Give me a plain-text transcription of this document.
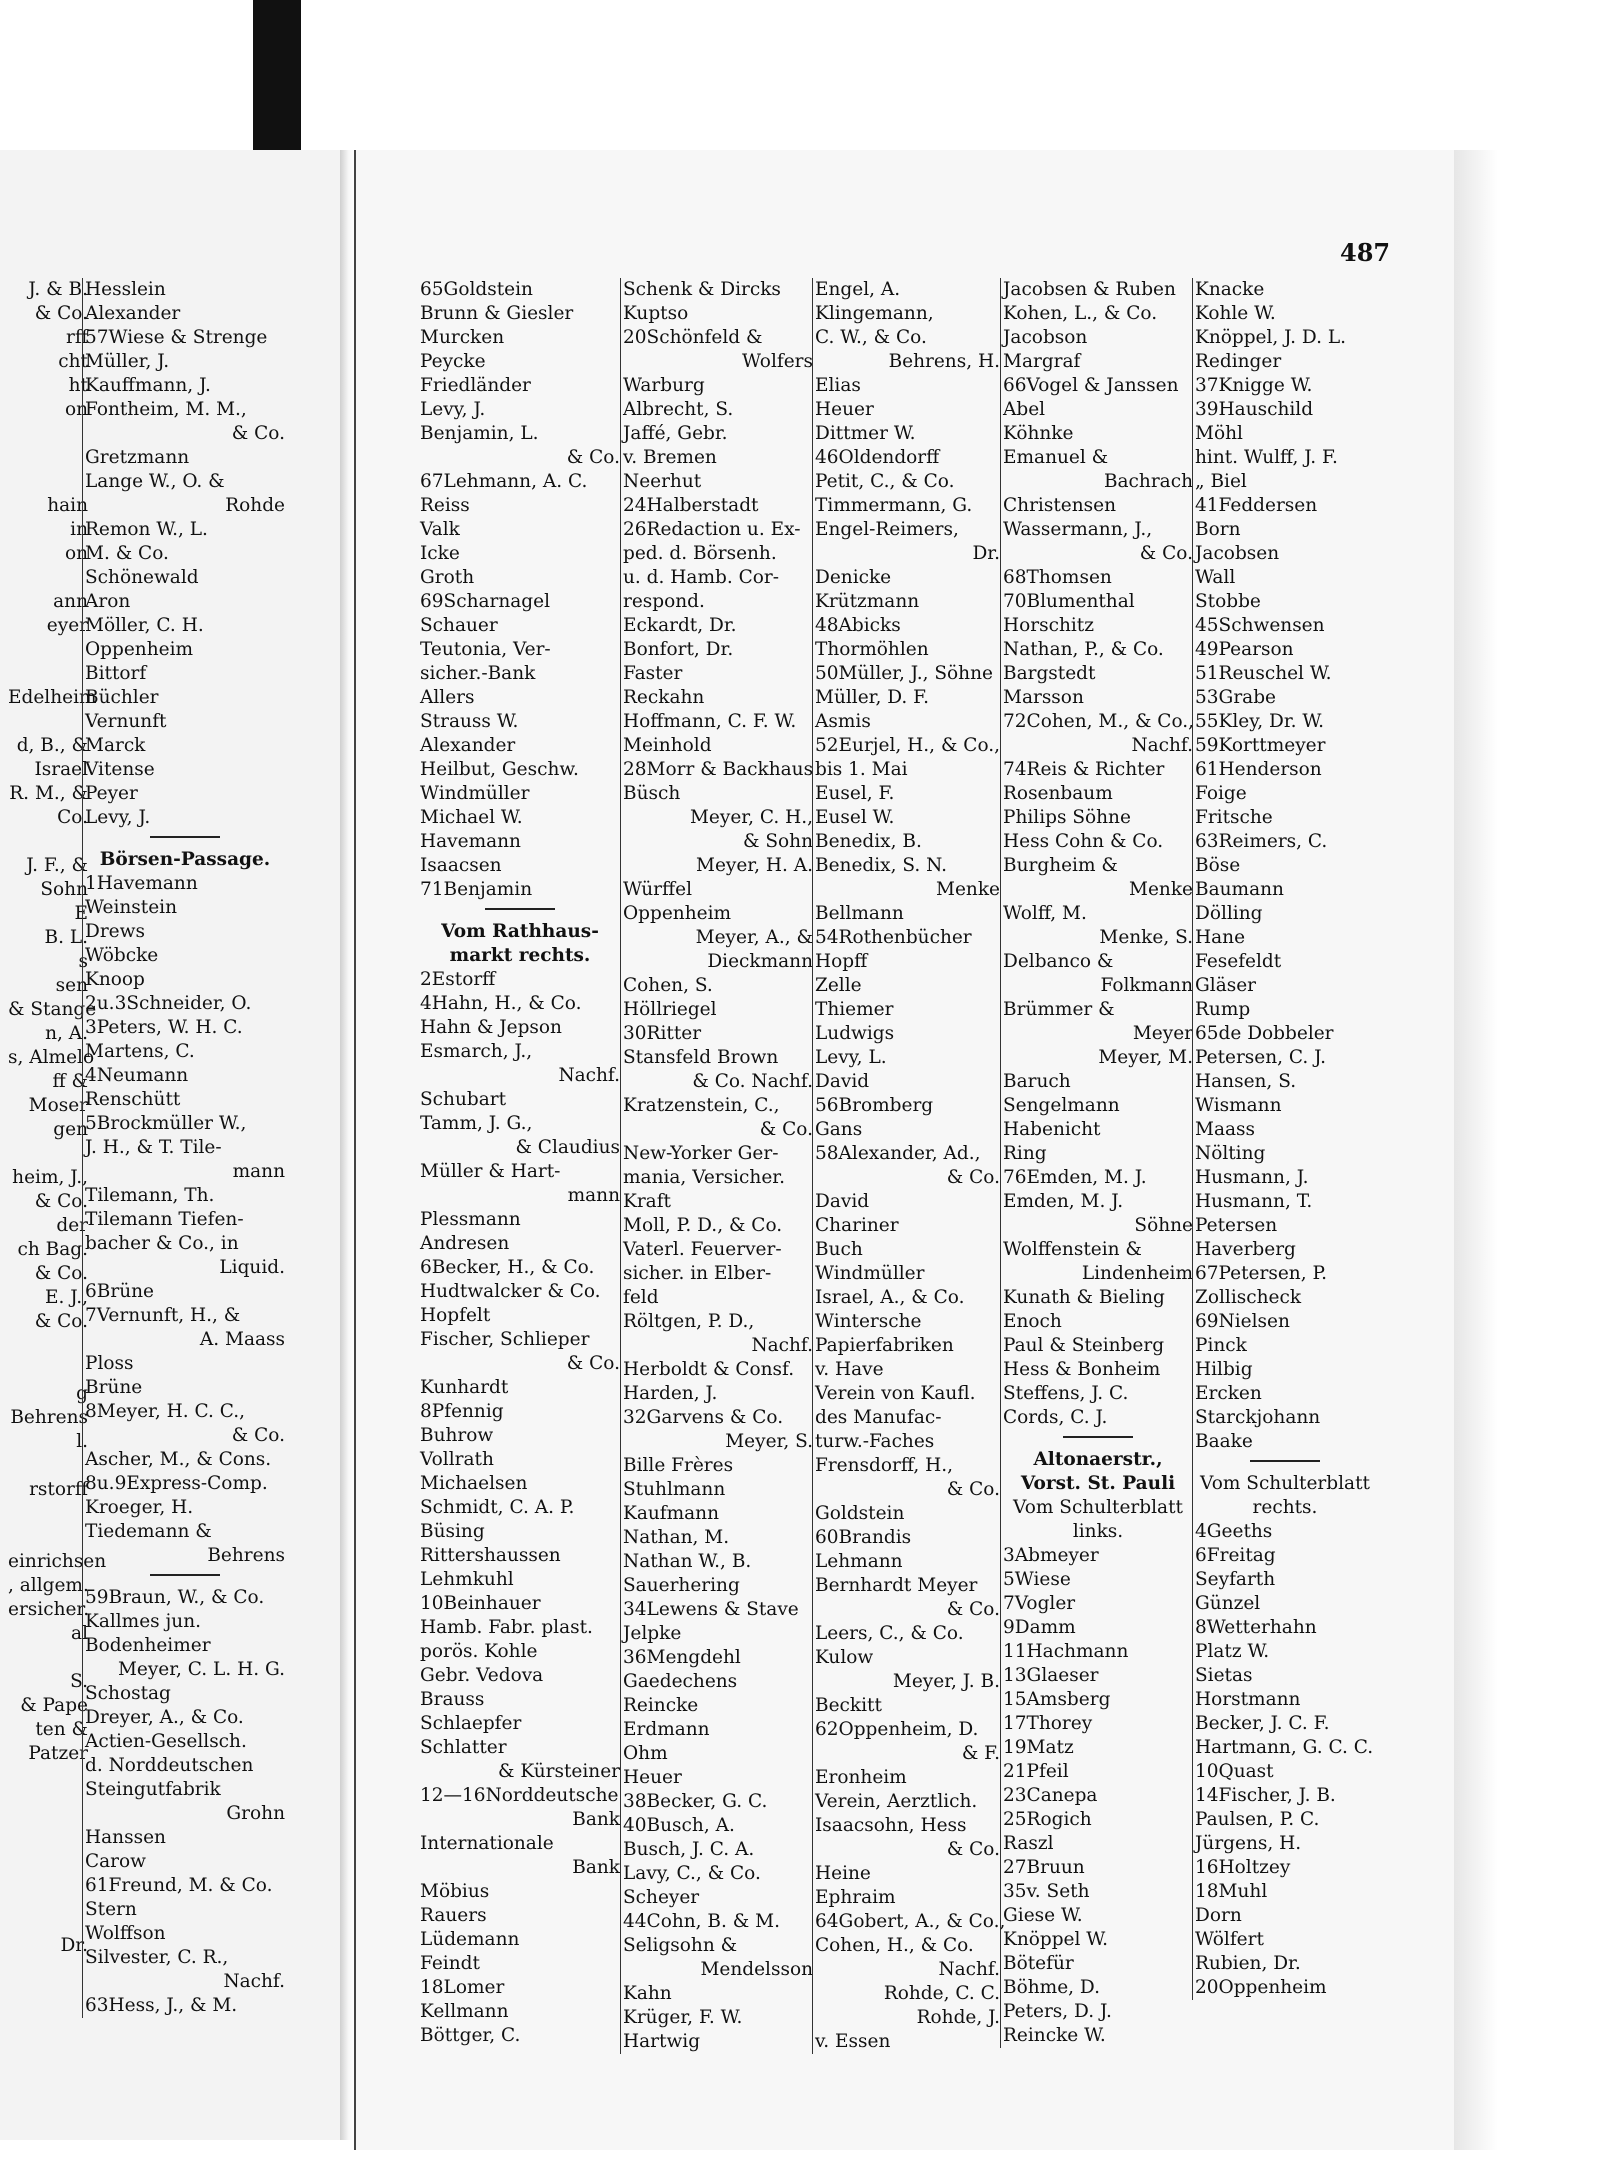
487
J. & B.
& Co.
rff
cht
ht
on
hain
in
on
ann
eyer
Edelheim
d, B., &
Israel
R. M., &
Co.
J. F., &
Sohn
E
B. L.
s
sen
& Stange
n, A.
s, Almelo
ff &
Moser
gen
heim, J.,
& Co.
der
ch Bag.
& Co.
E. J.,
& Co.
g
Behrens
l.
rstorff
einrichsen
, allgem.
ersicher.
al
S.
& Pape
ten &
Patzer
Dr.
Hesslein
Alexander
57Wiese & Strenge
Müller, J.
Kauffmann, J.
Fontheim, M. M.,
& Co.
Gretzmann
Lange W., O. &
Rohde
Remon W., L.
M. & Co.
Schönewald
Aron
Möller, C. H.
Oppenheim
Bittorf
Büchler
Vernunft
Marck
Vitense
Peyer
Levy, J.
Börsen-Passage.
1Havemann
Weinstein
Drews
Wöbcke
Knoop
2u.3Schneider, O.
3Peters, W. H. C.
Martens, C.
4Neumann
Renschütt
5Brockmüller W.,
J. H., & T. Tile-
mann
Tilemann, Th.
Tilemann Tiefen-
bacher & Co., in
Liquid.
6Brüne
7Vernunft, H., &
A. Maass
Ploss
Brüne
8Meyer, H. C. C.,
& Co.
Ascher, M., & Cons.
8u.9Express-Comp.
Kroeger, H.
Tiedemann &
Behrens
59Braun, W., & Co.
Kallmes jun.
Bodenheimer
Meyer, C. L. H. G.
Schostag
Dreyer, A., & Co.
Actien-Gesellsch.
d. Norddeutschen
Steingutfabrik
Grohn
Hanssen
Carow
61Freund, M. & Co.
Stern
Wolffson
Silvester, C. R.,
Nachf.
63Hess, J., & M.
65Goldstein
Brunn & Giesler
Murcken
Peycke
Friedländer
Levy, J.
Benjamin, L.
& Co.
67Lehmann, A. C.
Reiss
Valk
Icke
Groth
69Scharnagel
Schauer
Teutonia, Ver-
sicher.-Bank
Allers
Strauss W.
Alexander
Heilbut, Geschw.
Windmüller
Michael W.
Havemann
Isaacsen
71Benjamin
Vom Rathhaus-
markt rechts.
2Estorff
4Hahn, H., & Co.
Hahn & Jepson
Esmarch, J.,
Nachf.
Schubart
Tamm, J. G.,
& Claudius
Müller & Hart-
mann
Plessmann
Andresen
6Becker, H., & Co.
Hudtwalcker & Co.
Hopfelt
Fischer, Schlieper
& Co.
Kunhardt
8Pfennig
Buhrow
Vollrath
Michaelsen
Schmidt, C. A. P.
Büsing
Rittershaussen
Lehmkuhl
10Beinhauer
Hamb. Fabr. plast.
porös. Kohle
Gebr. Vedova
Brauss
Schlaepfer
Schlatter
& Kürsteiner
12—16Norddeutsche
Bank
Internationale
Bank
Möbius
Rauers
Lüdemann
Feindt
18Lomer
Kellmann
Böttger, C.
Schenk & Dircks
Kuptso
20Schönfeld &
Wolfers
Warburg
Albrecht, S.
Jaffé, Gebr.
v. Bremen
Neerhut
24Halberstadt
26Redaction u. Ex-
ped. d. Börsenh.
u. d. Hamb. Cor-
respond.
Eckardt, Dr.
Bonfort, Dr.
Faster
Reckahn
Hoffmann, C. F. W.
Meinhold
28Morr & Backhaus
Büsch
Meyer, C. H.,
& Sohn
Meyer, H. A.
Würffel
Oppenheim
Meyer, A., &
Dieckmann
Cohen, S.
Höllriegel
30Ritter
Stansfeld Brown
& Co. Nachf.
Kratzenstein, C.,
& Co.
New-Yorker Ger-
mania, Versicher.
Kraft
Moll, P. D., & Co.
Vaterl. Feuerver-
sicher. in Elber-
feld
Röltgen, P. D.,
Nachf.
Herboldt & Consf.
Harden, J.
32Garvens & Co.
Meyer, S.
Bille Frères
Stuhlmann
Kaufmann
Nathan, M.
Nathan W., B.
Sauerhering
34Lewens & Stave
Jelpke
36Mengdehl
Gaedechens
Reincke
Erdmann
Ohm
Heuer
38Becker, G. C.
40Busch, A.
Busch, J. C. A.
Lavy, C., & Co.
Scheyer
44Cohn, B. & M.
Seligsohn &
Mendelsson
Kahn
Krüger, F. W.
Hartwig
Engel, A.
Klingemann,
C. W., & Co.
Behrens, H.
Elias
Heuer
Dittmer W.
46Oldendorff
Petit, C., & Co.
Timmermann, G.
Engel-Reimers,
Dr.
Denicke
Krützmann
48Abicks
Thormöhlen
50Müller, J., Söhne
Müller, D. F.
Asmis
52Eurjel, H., & Co.,
bis 1. Mai
Eusel, F.
Eusel W.
Benedix, B.
Benedix, S. N.
Menke
Bellmann
54Rothenbücher
Hopff
Zelle
Thiemer
Ludwigs
Levy, L.
David
56Bromberg
Gans
58Alexander, Ad.,
& Co.
David
Chariner
Buch
Windmüller
Israel, A., & Co.
Wintersche
Papierfabriken
v. Have
Verein von Kaufl.
des Manufac-
turw.-Faches
Frensdorff, H.,
& Co.
Goldstein
60Brandis
Lehmann
Bernhardt Meyer
& Co.
Leers, C., & Co.
Kulow
Meyer, J. B.
Beckitt
62Oppenheim, D.
& F.
Eronheim
Verein, Aerztlich.
Isaacsohn, Hess
& Co.
Heine
Ephraim
64Gobert, A., & Co.,
Cohen, H., & Co.
Nachf.
Rohde, C. C.
Rohde, J.
v. Essen
Jacobsen & Ruben
Kohen, L., & Co.
Jacobson
Margraf
66Vogel & Janssen
Abel
Köhnke
Emanuel &
Bachrach
Christensen
Wassermann, J.,
& Co.
68Thomsen
70Blumenthal
Horschitz
Nathan, P., & Co.
Bargstedt
Marsson
72Cohen, M., & Co.,
Nachf.
74Reis & Richter
Rosenbaum
Philips Söhne
Hess Cohn & Co.
Burgheim &
Menke
Wolff, M.
Menke, S.
Delbanco &
Folkmann
Brümmer &
Meyer
Meyer, M.
Baruch
Sengelmann
Habenicht
Ring
76Emden, M. J.
Emden, M. J.
Söhne
Wolffenstein &
Lindenheim
Kunath & Bieling
Enoch
Paul & Steinberg
Hess & Bonheim
Steffens, J. C.
Cords, C. J.
Altonaerstr.,
Vorst. St. Pauli
Vom Schulterblatt
links.
3Abmeyer
5Wiese
7Vogler
9Damm
11Hachmann
13Glaeser
15Amsberg
17Thorey
19Matz
21Pfeil
23Canepa
25Rogich
Raszl
27Bruun
35v. Seth
Giese W.
Knöppel W.
Bötefür
Böhme, D.
Peters, D. J.
Reincke W.
Knacke
Kohle W.
Knöppel, J. D. L.
Redinger
37Knigge W.
39Hauschild
Möhl
hint. Wulff, J. F.
„ Biel
41Feddersen
Born
Jacobsen
Wall
Stobbe
45Schwensen
49Pearson
51Reuschel W.
53Grabe
55Kley, Dr. W.
59Korttmeyer
61Henderson
Foige
Fritsche
63Reimers, C.
Böse
Baumann
Dölling
Hane
Fesefeldt
Gläser
Rump
65de Dobbeler
Petersen, C. J.
Hansen, S.
Wismann
Maass
Nölting
Husmann, J.
Husmann, T.
Petersen
Haverberg
67Petersen, P.
Zollischeck
69Nielsen
Pinck
Hilbig
Ercken
Starckjohann
Baake
Vom Schulterblatt
rechts.
4Geeths
6Freitag
Seyfarth
Günzel
8Wetterhahn
Platz W.
Sietas
Horstmann
Becker, J. C. F.
Hartmann, G. C. C.
10Quast
14Fischer, J. B.
Paulsen, P. C.
Jürgens, H.
16Holtzey
18Muhl
Dorn
Wölfert
Rubien, Dr.
20Oppenheim
